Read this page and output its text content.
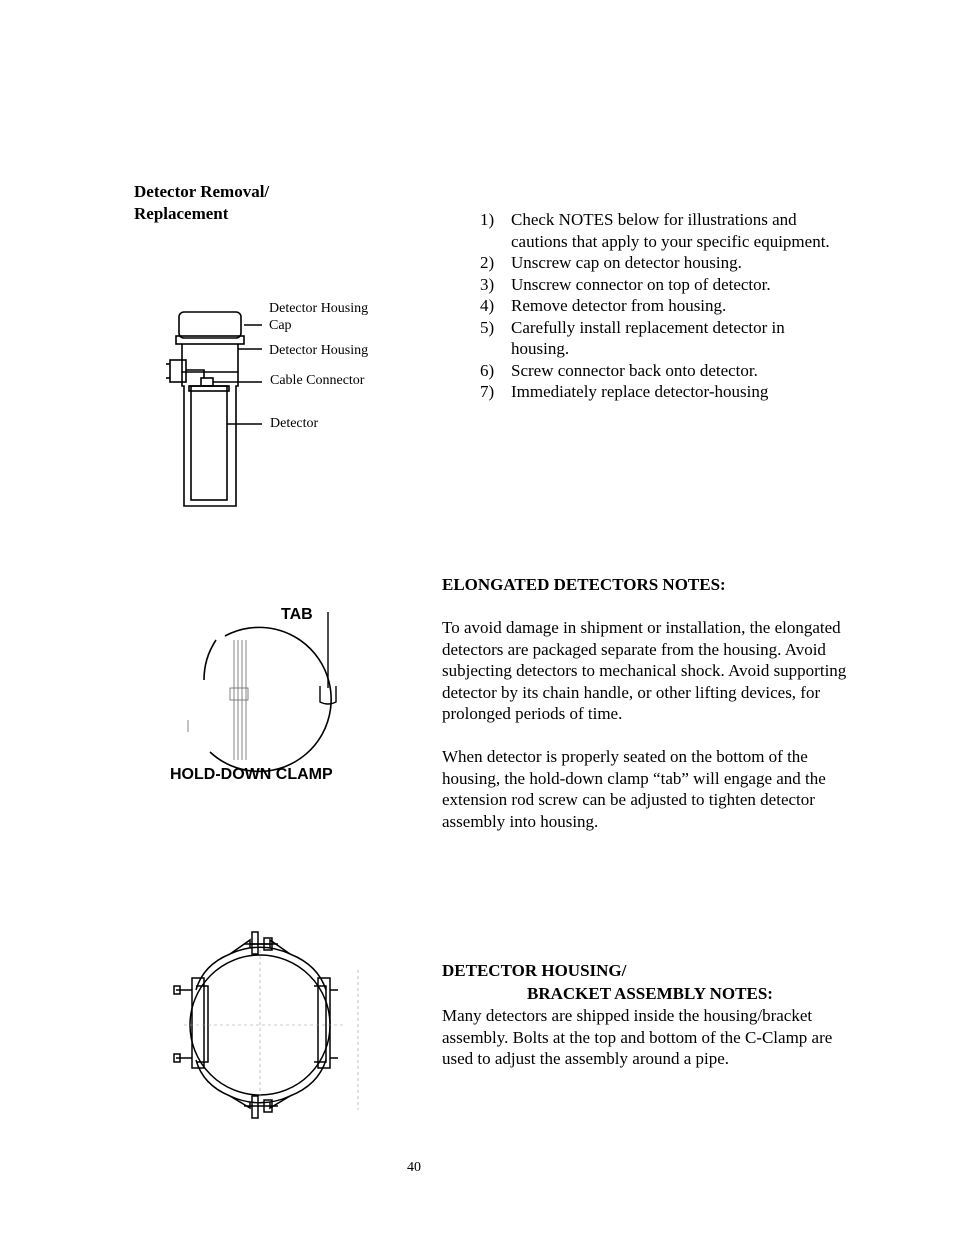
Detector Removal/
Replacement	1) Check NOTES below for illustrations and cautions that apply to your specific equipment.
2) Unscrew cap on detector housing.
3) Unscrew connector on top of detector.
4) Remove detector from housing.
5) Carefully install replacement detector in housing.
6) Screw connector back onto detector.
7) Immediately replace detector-housing
Detector Housing
Cap
Detector Housing
Cable Connector
Detector
TAB
HOLD-DOWN CLAMP
ELONGATED DETECTORS NOTES:
To avoid damage in shipment or installation, the elongated detectors are packaged separate from the housing. Avoid subjecting detectors to mechanical shock. Avoid supporting detector by its chain handle, or other lifting devices, for prolonged periods of time.
When detector is properly seated on the bottom of the housing, the hold-down clamp “tab” will engage and the extension rod screw can be adjusted to tighten detector assembly into housing.
DETECTOR HOUSING/
BRACKET ASSEMBLY NOTES:
Many detectors are shipped inside the housing/bracket assembly. Bolts at the top and bottom of the C-Clamp are used to adjust the assembly around a pipe.
40
